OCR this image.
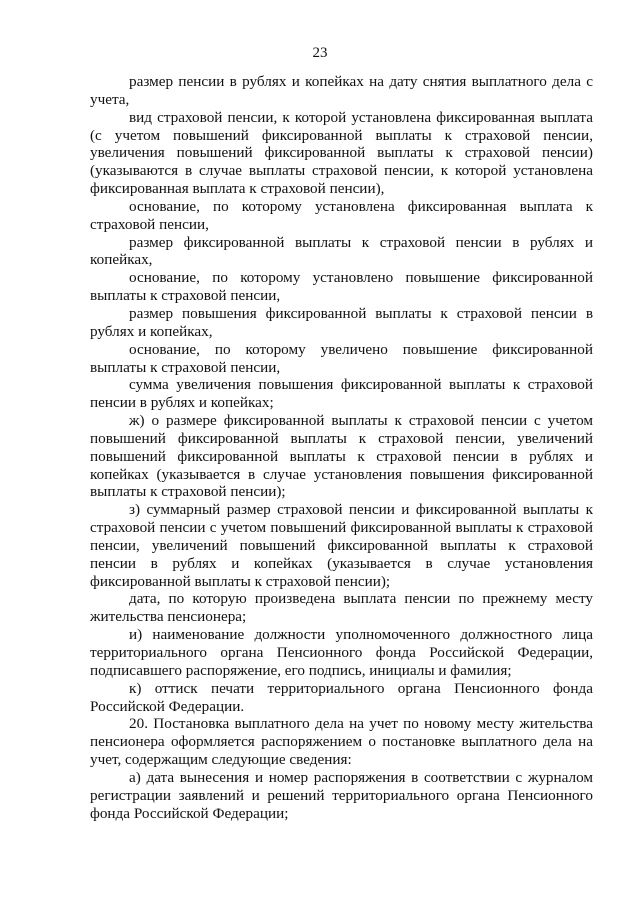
23

размер пенсии в рублях и копейках на дату снятия выплатного дела с учета,

вид страховой пенсии, к которой установлена фиксированная выплата (с учетом повышений фиксированной выплаты к страховой пенсии, увеличения повышений фиксированной выплаты к страховой пенсии) (указываются в случае выплаты страховой пенсии, к которой установлена фиксированная выплата к страховой пенсии),

основание, по которому установлена фиксированная выплата к страховой пенсии,

размер фиксированной выплаты к страховой пенсии в рублях и копейках,

основание, по которому установлено повышение фиксированной выплаты к страховой пенсии,

размер повышения фиксированной выплаты к страховой пенсии в рублях и копейках,

основание, по которому увеличено повышение фиксированной выплаты к страховой пенсии,

сумма увеличения повышения фиксированной выплаты к страховой пенсии в рублях и копейках;

ж) о размере фиксированной выплаты к страховой пенсии с учетом повышений фиксированной выплаты к страховой пенсии, увеличений повышений фиксированной выплаты к страховой пенсии в рублях и копейках (указывается в случае установления повышения фиксированной выплаты к страховой пенсии);

з) суммарный размер страховой пенсии и фиксированной выплаты к страховой пенсии с учетом повышений фиксированной выплаты к страховой пенсии, увеличений повышений фиксированной выплаты к страховой пенсии в рублях и копейках (указывается в случае установления фиксированной выплаты к страховой пенсии);

дата, по которую произведена выплата пенсии по прежнему месту жительства пенсионера;

и) наименование должности уполномоченного должностного лица территориального органа Пенсионного фонда Российской Федерации, подписавшего распоряжение, его подпись, инициалы и фамилия;

к) оттиск печати территориального органа Пенсионного фонда Российской Федерации.

20. Постановка выплатного дела на учет по новому месту жительства пенсионера оформляется распоряжением о постановке выплатного дела на учет, содержащим следующие сведения:

а) дата вынесения и номер распоряжения в соответствии с журналом регистрации заявлений и решений территориального органа Пенсионного фонда Российской Федерации;
